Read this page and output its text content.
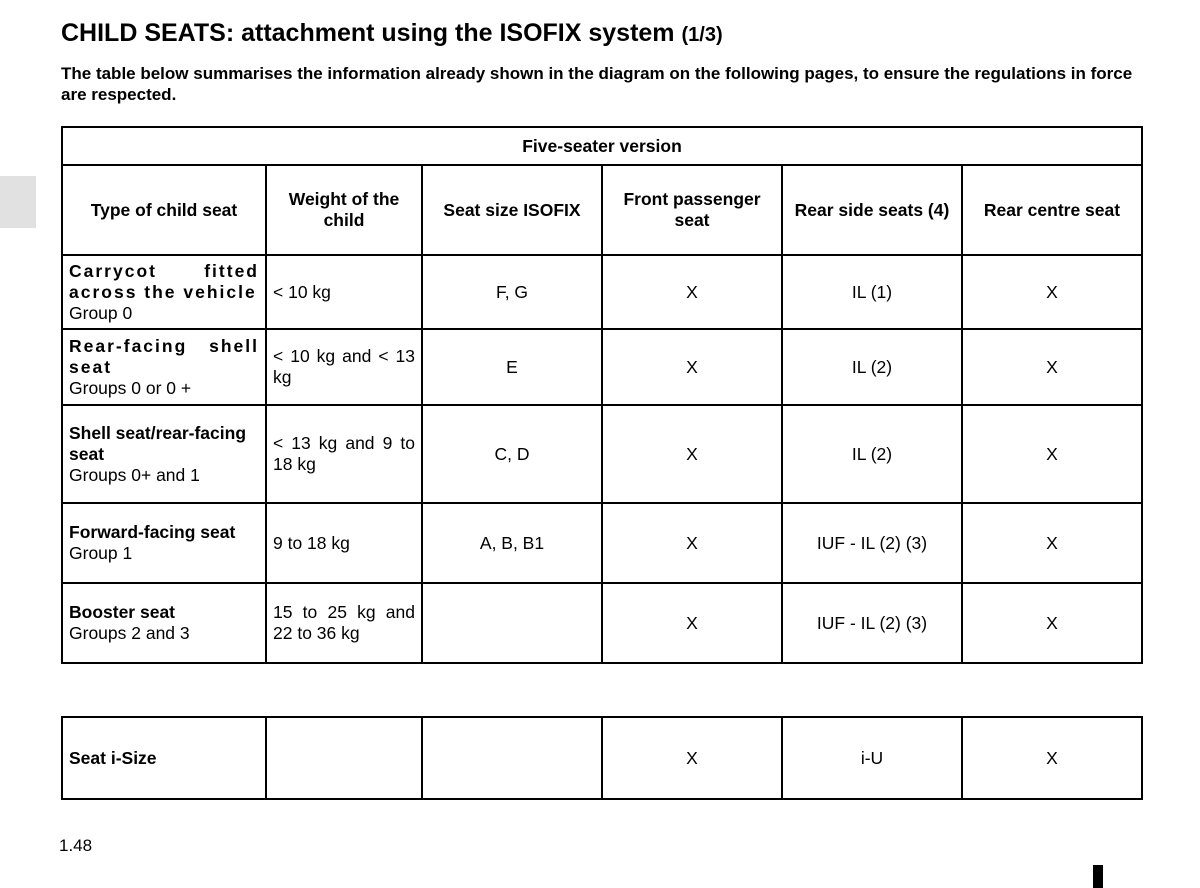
CHILD SEATS: attachment using the ISOFIX system (1/3)
The table below summarises the information already shown in the diagram on the following pages, to ensure the regulations in force are respected.
Five-seater version					
Type of child seat	Weight of the child	Seat size ISOFIX	Front passenger seat	Rear side seats (4)	Rear centre seat

Carrycot fitted across the vehicle
Group 0	< 10 kg	F, G	X	IL (1)	X

Rear-facing shell seat
Groups 0 or 0 +	< 10 kg and < 13 kg	E	X	IL (2)	X

Shell seat/rear-facing seat
Groups 0+ and 1	< 13 kg and 9 to 18 kg	C, D	X	IL (2)	X

Forward-facing seat
Group 1	9 to 18 kg	A, B, B1	X	IUF - IL (2) (3)	X

Booster seat
Groups 2 and 3	15 to 25 kg and 22 to 36 kg		X	IUF - IL (2) (3)	X
Seat i-Size			X	i-U	X
1.48
